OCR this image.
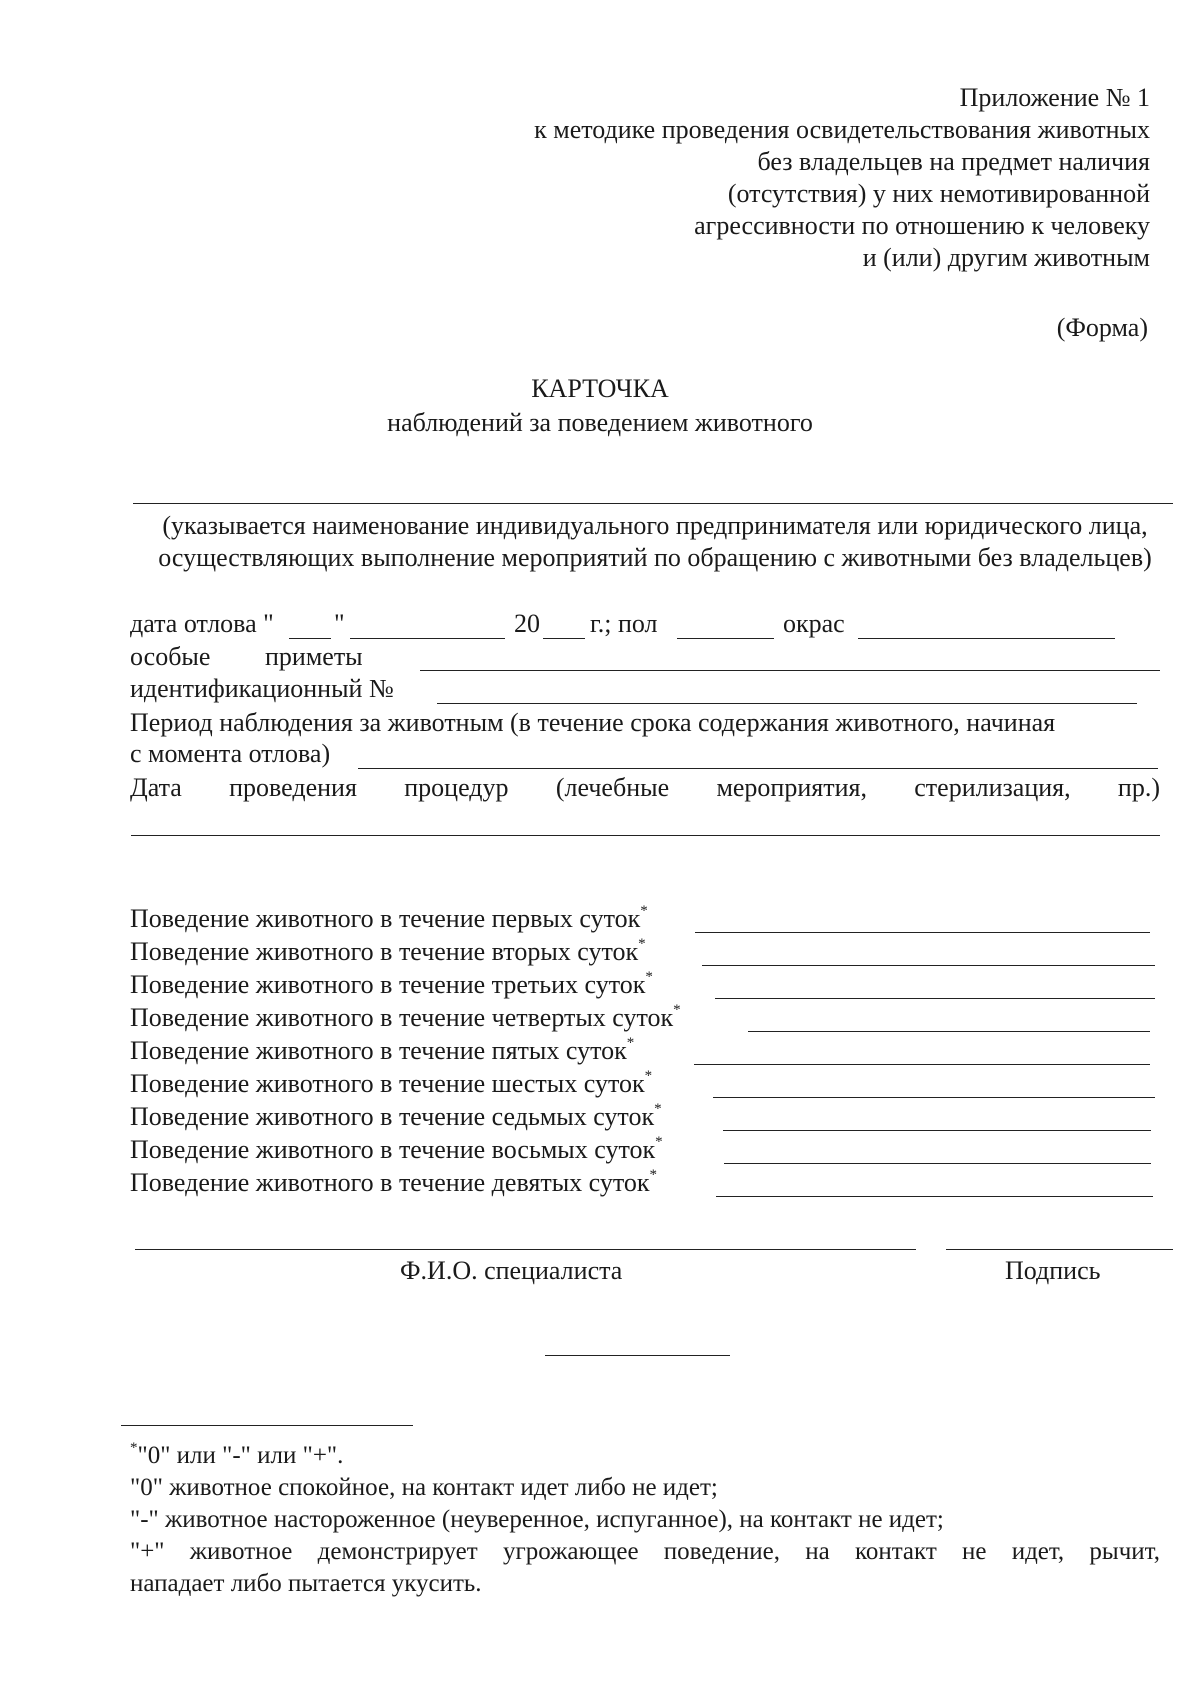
Приложение № 1
к методике проведения освидетельствования животных
без владельцев на предмет наличия
(отсутствия) у них немотивированной
агрессивности по отношению к человеку
и (или) другим животным
(Форма)
КАРТОЧКА
наблюдений за поведением животного
(указывается наименование индивидуального предпринимателя или юридического лица, осуществляющих выполнение мероприятий по обращению с животными без владельцев)
дата отлова " "	20 г.; пол	окрас
особые приметы
идентификационный №
Период наблюдения за животным (в течение срока содержания животного, начиная
с момента отлова)
Дата проведения процедур (лечебные мероприятия, стерилизация, пр.)
Поведение животного в течение первых суток*
Поведение животного в течение вторых суток*
Поведение животного в течение третьих суток*
Поведение животного в течение четвертых суток*
Поведение животного в течение пятых суток*
Поведение животного в течение шестых суток*
Поведение животного в течение седьмых суток*
Поведение животного в течение восьмых суток*
Поведение животного в течение девятых суток*
Ф.И.О. специалиста	Подпись
*"0" или "-" или "+".
"0" животное спокойное, на контакт идет либо не идет;
"-" животное настороженное (неуверенное, испуганное), на контакт не идет;
"+" животное демонстрирует угрожающее поведение, на контакт не идет, рычит,
нападает либо пытается укусить.
